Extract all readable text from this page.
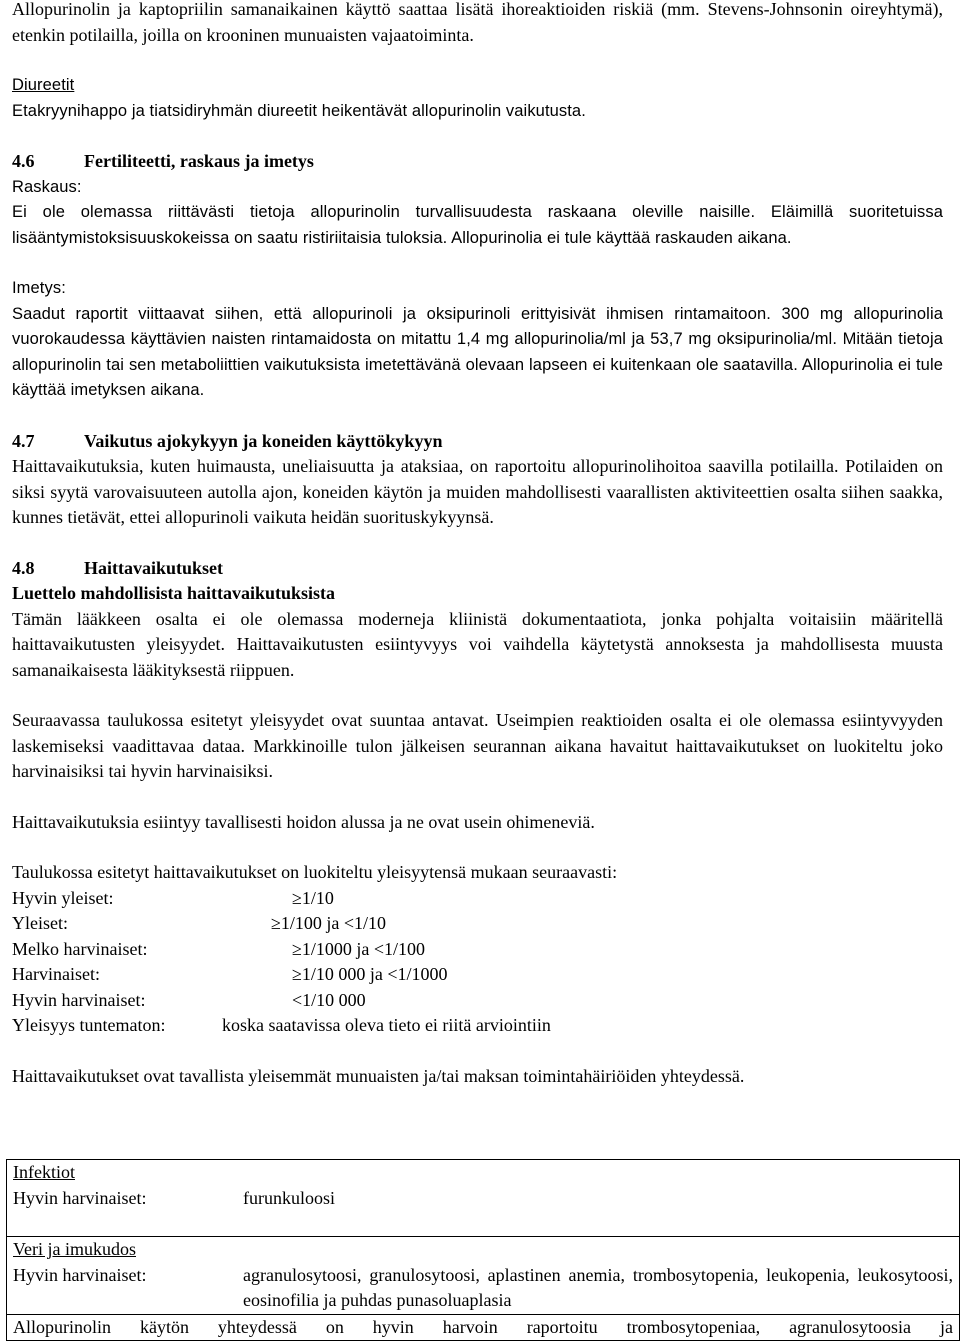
Allopurinolin ja kaptopriilin samanaikainen käyttö saattaa lisätä ihoreaktioiden riskiä (mm. Stevens-Johnsonin oireyhtymä), etenkin potilailla, joilla on krooninen munuaisten vajaatoiminta.

Diureetit

Etakryynihappo ja tiatsidiryhmän diureetit heikentävät allopurinolin vaikutusta.

4.6	Fertiliteetti, raskaus ja imetys

Raskaus:

Ei ole olemassa riittävästi tietoja allopurinolin turvallisuudesta raskaana oleville naisille. Eläimillä suoritetuissa lisääntymistoksisuuskokeissa on saatu ristiriitaisia tuloksia. Allopurinolia ei tule käyttää raskauden aikana.

Imetys:

Saadut raportit viittaavat siihen, että allopurinoli ja oksipurinoli erittyisivät ihmisen rintamaitoon. 300 mg allopurinolia vuorokaudessa käyttävien naisten rintamaidosta on mitattu 1,4 mg allopurinolia/ml ja 53,7 mg oksipurinolia/ml. Mitään tietoja allopurinolin tai sen metaboliittien vaikutuksista imetettävänä olevaan lapseen ei kuitenkaan ole saatavilla. Allopurinolia ei tule käyttää imetyksen aikana.

4.7	Vaikutus ajokykyyn ja koneiden käyttökykyyn

Haittavaikutuksia, kuten huimausta, uneliaisuutta ja ataksiaa, on raportoitu allopurinolihoitoa saavilla potilailla. Potilaiden on siksi syytä varovaisuuteen autolla ajon, koneiden käytön ja muiden mahdollisesti vaarallisten aktiviteettien osalta siihen saakka, kunnes tietävät, ettei allopurinoli vaikuta heidän suorituskykyynsä.

4.8	Haittavaikutukset

Luettelo mahdollisista haittavaikutuksista

Tämän lääkkeen osalta ei ole olemassa moderneja kliinistä dokumentaatiota, jonka pohjalta voitaisiin määritellä haittavaikutusten yleisyydet. Haittavaikutusten esiintyvyys voi vaihdella käytetystä annoksesta ja mahdollisesta muusta samanaikaisesta lääkityksestä riippuen.

Seuraavassa taulukossa esitetyt yleisyydet ovat suuntaa antavat. Useimpien reaktioiden osalta ei ole olemassa esiintyvyyden laskemiseksi vaadittavaa dataa. Markkinoille tulon jälkeisen seurannan aikana havaitut haittavaikutukset on luokiteltu joko harvinaisiksi tai hyvin harvinaisiksi.

Haittavaikutuksia esiintyy tavallisesti hoidon alussa ja ne ovat usein ohimeneviä.

Taulukossa esitetyt haittavaikutukset on luokiteltu yleisyytensä mukaan seuraavasti:

Hyvin yleiset:	≥1/10
Yleiset:	≥1/100 ja <1/10
Melko harvinaiset:	≥1/1000 ja <1/100
Harvinaiset:	≥1/10 000 ja <1/1000
Hyvin harvinaiset:	<1/10 000
Yleisyys tuntematon:	koska saatavissa oleva tieto ei riitä arviointiin

Haittavaikutukset ovat tavallista yleisemmät munuaisten ja/tai maksan toimintahäiriöiden yhteydessä.

Infektiot
Hyvin harvinaiset:	furunkuloosi

Veri ja imukudos
Hyvin harvinaiset:	agranulosytoosi, granulosytoosi, aplastinen anemia, trombosytopenia, leukopenia, leukosytoosi, eosinofilia ja puhdas punasoluaplasia

Allopurinolin käytön yhteydessä on hyvin harvoin raportoitu trombosytopeniaa, agranulosytoosia ja
